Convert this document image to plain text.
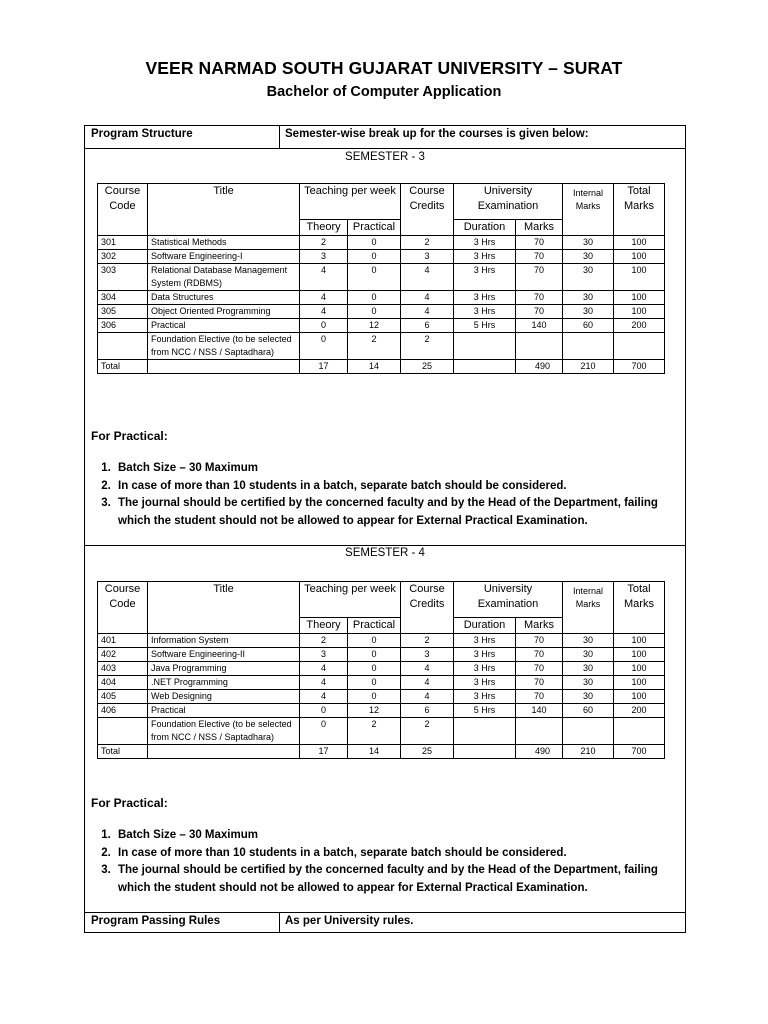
VEER NARMAD SOUTH GUJARAT UNIVERSITY – SURAT
Bachelor of Computer Application
Program Structure	Semester-wise break up for the courses is given below:
SEMESTER - 3
Course Code	Title	Teaching per week		Course Credits	University Examination		Internal Marks	Total Marks
		Theory	Practical		Duration	Marks		
301	Statistical Methods	2	0	2	3 Hrs	70	30	100
302	Software Engineering-I	3	0	3	3 Hrs	70	30	100
303	Relational Database Management System (RDBMS)	4	0	4	3 Hrs	70	30	100
304	Data Structures	4	0	4	3 Hrs	70	30	100
305	Object Oriented Programming	4	0	4	3 Hrs	70	30	100
306	Practical	0	12	6	5 Hrs	140	60	200
	Foundation Elective (to be selected from NCC / NSS / Saptadhara)	0	2	2				
Total		17	14	25		490	210	700
For Practical:
1. Batch Size – 30 Maximum
2. In case of more than 10 students in a batch, separate batch should be considered.
3. The journal should be certified by the concerned faculty and by the Head of the Department, failing which the student should not be allowed to appear for External Practical Examination.
SEMESTER - 4
Course Code	Title	Teaching per week		Course Credits	University Examination		Internal Marks	Total Marks
		Theory	Practical		Duration	Marks		
401	Information System	2	0	2	3 Hrs	70	30	100
402	Software Engineering-II	3	0	3	3 Hrs	70	30	100
403	Java Programming	4	0	4	3 Hrs	70	30	100
404	.NET Programming	4	0	4	3 Hrs	70	30	100
405	Web Designing	4	0	4	3 Hrs	70	30	100
406	Practical	0	12	6	5 Hrs	140	60	200
	Foundation Elective (to be selected from NCC / NSS / Saptadhara)	0	2	2				
Total		17	14	25		490	210	700
For Practical:
1. Batch Size – 30 Maximum
2. In case of more than 10 students in a batch, separate batch should be considered.
3. The journal should be certified by the concerned faculty and by the Head of the Department, failing which the student should not be allowed to appear for External Practical Examination.
Program Passing Rules	As per University rules.
